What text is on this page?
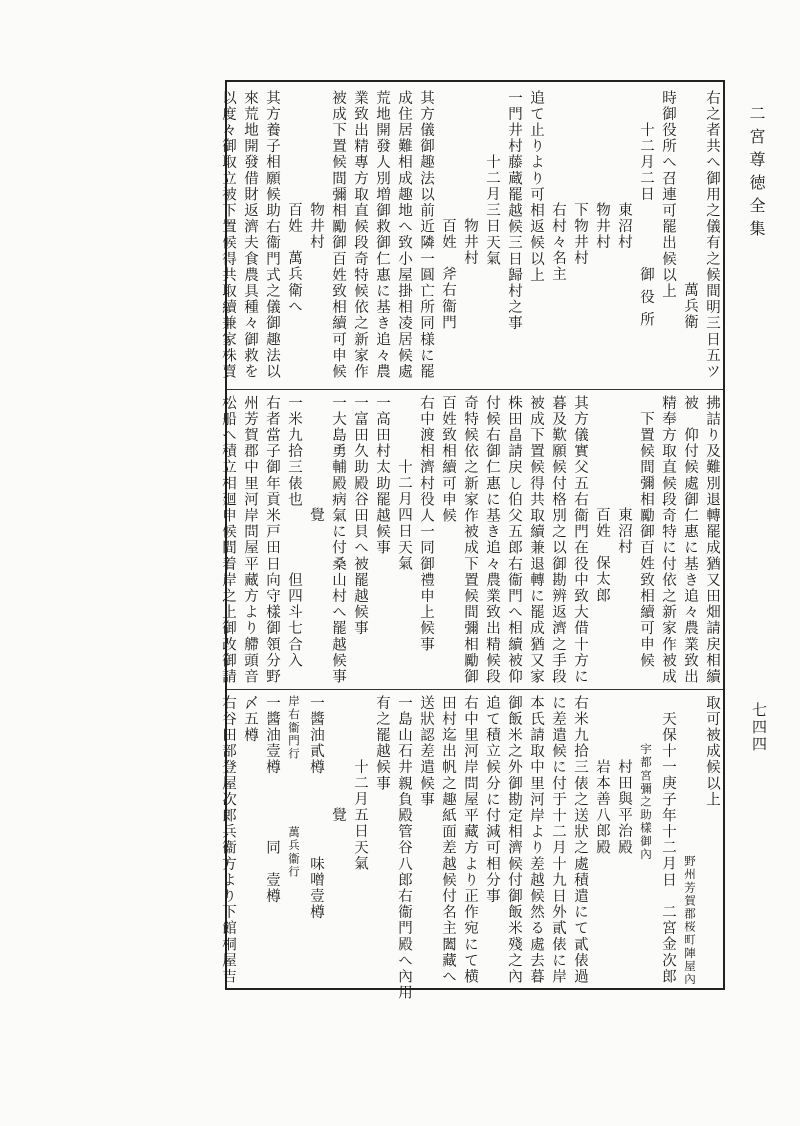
二宮尊徳全集
七四四
右之者共へ御用之儀有之候間明三日五ツ
萬兵衛
時御役所へ召連可罷出候以上
十二月二日　　　　御 役 所
東沼村
物井村
下物井村
右村々名主
追て止りより可相返候以上
一門井村藤蔵罷越候三日歸村之事
十二月三日天氣
物井村
百姓　斧右衞門
其方儀御趣法以前近隣一圓亡所同様に罷
成住居難相成趣地へ致小屋掛相凌居候處
荒地開發人別増御救御仁惠に基き追々農
業致出精專方取直候段奇特候依之新家作
被成下置候間彌相勵御百姓致相續可申候
物井村
百姓　萬兵衛へ
其方養子相願候助右衞門式之儀御趣法以
來荒地開發借財返濟夫食農具種々御救を
以度々御取立被下置候得共取續兼家株賣
拂詰り及難別退轉罷成猶又田畑請戻相續
被　仰付候處御仁惠に基き追々農業致出
精奉方取直候段奇特に付依之新家作被成
下置候間彌相勵御百姓致相續可申候
東沼村
百姓　保太郎
其方儀實父五右衞門在役中致大借十方に
暮及歎願候付格別之以御勘辨返濟之手段
被成下置候得共取續兼退轉に罷成猶又家
株田畠請戻し伯父五郎右衞門へ相續被仰
付候右御仁惠に基き追々農業致出精候段
奇特候依之新家作被成下置候間彌相勵御
百姓致相續可申候
右中渡相濟村役人一同御禮申上候事
十二月四日天氣
一高田村太助罷越候事
一富田久助殿谷田貝へ被罷越候事
一大島勇輔殿病氣に付桑山村へ罷越候事
覺
一米九拾三俵也　　　　但四斗七合入
右者當子御年貢米戸田日向守樣御領分野
州芳賀郡中里河岸問屋平藏方より艜頭音
松船へ積立相廻申候間着岸之上御改御請
取可被成候以上
野州芳賀郡桜町陣屋內
天保十一庚子年十二月日　二宮金次郎
宇都宮彌之助樣御內
村田與平治殿
岩本善八郎殿
右米九拾三俵之送狀之處積遣にて貳俵過
に差遣候に付于十二月十九日外貳俵に岸
本氏請取中里河岸より差越候然る處去暮
御飯米之外御勘定相濟候付御飯米殘之內
追て積立候分に付減可相分事
右中里河岸問屋平藏方より正作宛にて横
田村迄出帆之趣紙面差越候付名主闔藏へ
送狀認差遣候事
一島山石井親負殿管谷八郎右衞門殿へ內用
有之罷越候事
十二月五日天氣
覺
一醬油貳樽　　　　　味噌壹樽
岸右衞門行　　　　　萬兵衞行
一醬油壹樽　　　　同　壹樽
〆五樽
右谷田部登屋次郎兵衞方より下館桐屋吉
